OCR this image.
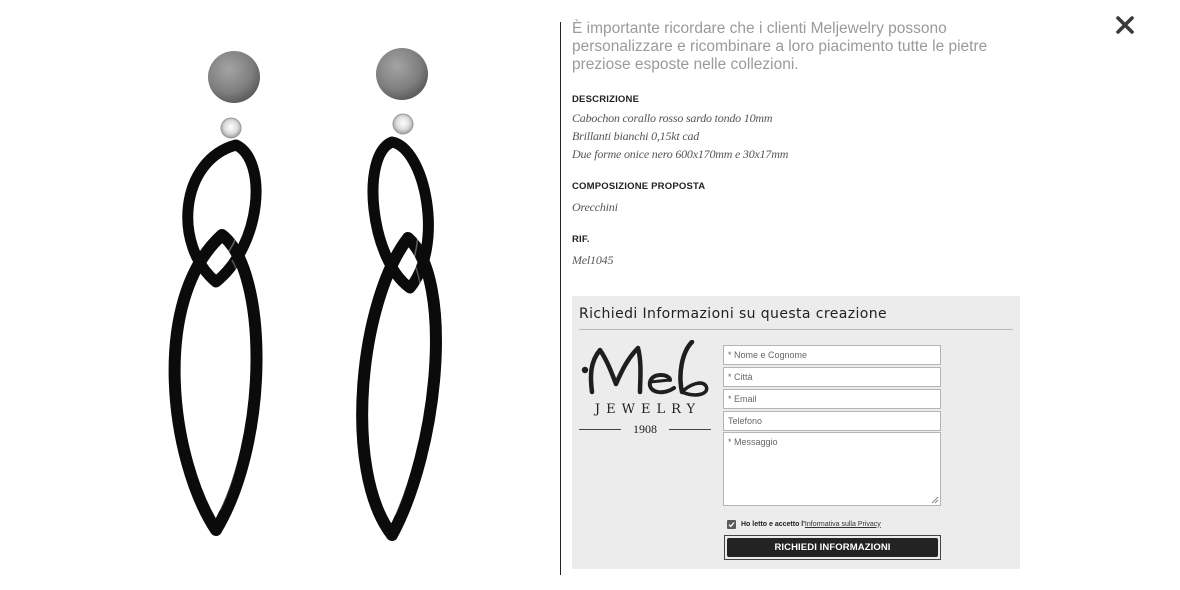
È importante ricordare che i clienti Meljewelry possono personalizzare e ricombinare a loro piacimento tutte le pietre preziose esposte nelle collezioni.

DESCRIZIONE
Cabochon corallo rosso sardo tondo 10mm
Brillanti bianchi 0,15kt cad
Due forme onice nero 600x170mm e 30x17mm
COMPOSIZIONE PROPOSTA
Orecchini
RIF.
Mel1045
Richiedi Informazioni su questa creazione
JEWELRY
1908
* Nome e Cognome
* Città
* Email
Telefono
* Messaggio
Ho letto e accetto l' Informativa sulla Privacy
RICHIEDI INFORMAZIONI
